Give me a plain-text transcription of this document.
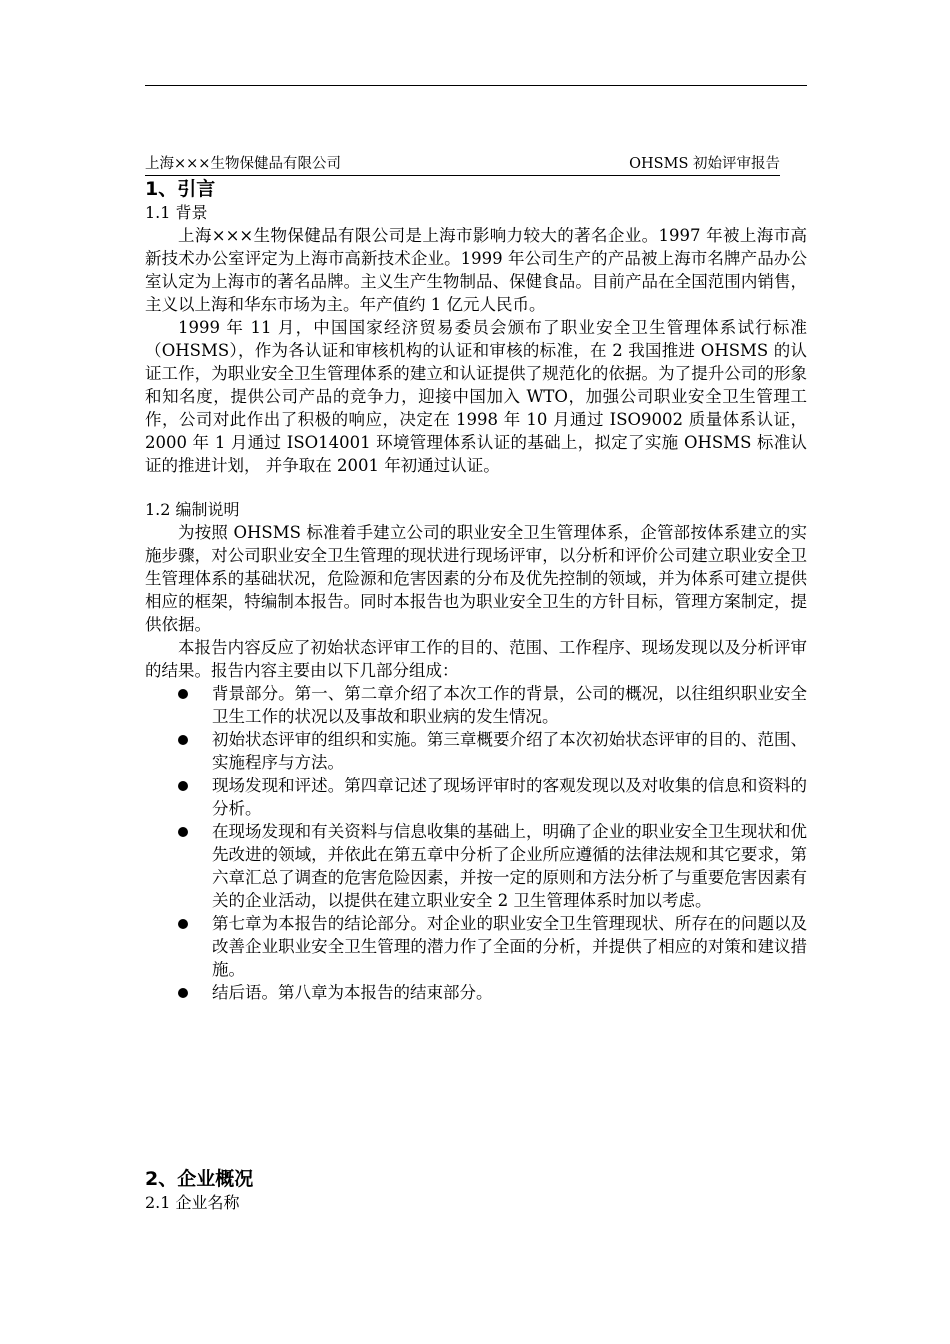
上海×××生物保健品有限公司	OHSMS 初始评审报告
1、引言
1.1 背景

上海×××生物保健品有限公司是上海市影响力较大的著名企业。1997 年被上海市高新技术办公室评定为上海市高新技术企业。1999 年公司生产的产品被上海市名牌产品办公室认定为上海市的著名品牌。主义生产生物制品、保健食品。目前产品在全国范围内销售，主义以上海和华东市场为主。年产值约 1 亿元人民币。

1999 年 11 月，中国国家经济贸易委员会颁布了职业安全卫生管理体系试行标准（OHSMS），作为各认证和审核机构的认证和审核的标准，在 2 我国推进 OHSMS 的认证工作，为职业安全卫生管理体系的建立和认证提供了规范化的依据。为了提升公司的形象和知名度，提供公司产品的竞争力，迎接中国加入 WTO，加强公司职业安全卫生管理工作，公司对此作出了积极的响应，决定在 1998 年 10 月通过 ISO9002 质量体系认证，2000 年 1 月通过 ISO14001 环境管理体系认证的基础上，拟定了实施 OHSMS 标准认证的推进计划， 并争取在 2001 年初通过认证。

1.2 编制说明

为按照 OHSMS 标准着手建立公司的职业安全卫生管理体系，企管部按体系建立的实施步骤，对公司职业安全卫生管理的现状进行现场评审，以分析和评价公司建立职业安全卫生管理体系的基础状况，危险源和危害因素的分布及优先控制的领域，并为体系可建立提供相应的框架，特编制本报告。同时本报告也为职业安全卫生的方针目标，管理方案制定，提供依据。

本报告内容反应了初始状态评审工作的目的、范围、工作程序、现场发现以及分析评审的结果。报告内容主要由以下几部分组成：

背景部分。第一、第二章介绍了本次工作的背景，公司的概况，以往组织职业安全卫生工作的状况以及事故和职业病的发生情况。
初始状态评审的组织和实施。第三章概要介绍了本次初始状态评审的目的、范围、实施程序与方法。
现场发现和评述。第四章记述了现场评审时的客观发现以及对收集的信息和资料的分析。
在现场发现和有关资料与信息收集的基础上，明确了企业的职业安全卫生现状和优先改进的领域，并依此在第五章中分析了企业所应遵循的法律法规和其它要求，第六章汇总了调查的危害危险因素，并按一定的原则和方法分析了与重要危害因素有关的企业活动，以提供在建立职业安全 2 卫生管理体系时加以考虑。
第七章为本报告的结论部分。对企业的职业安全卫生管理现状、所存在的问题以及改善企业职业安全卫生管理的潜力作了全面的分析，并提供了相应的对策和建议措施。
结后语。第八章为本报告的结束部分。
2、企业概况
2.1 企业名称
